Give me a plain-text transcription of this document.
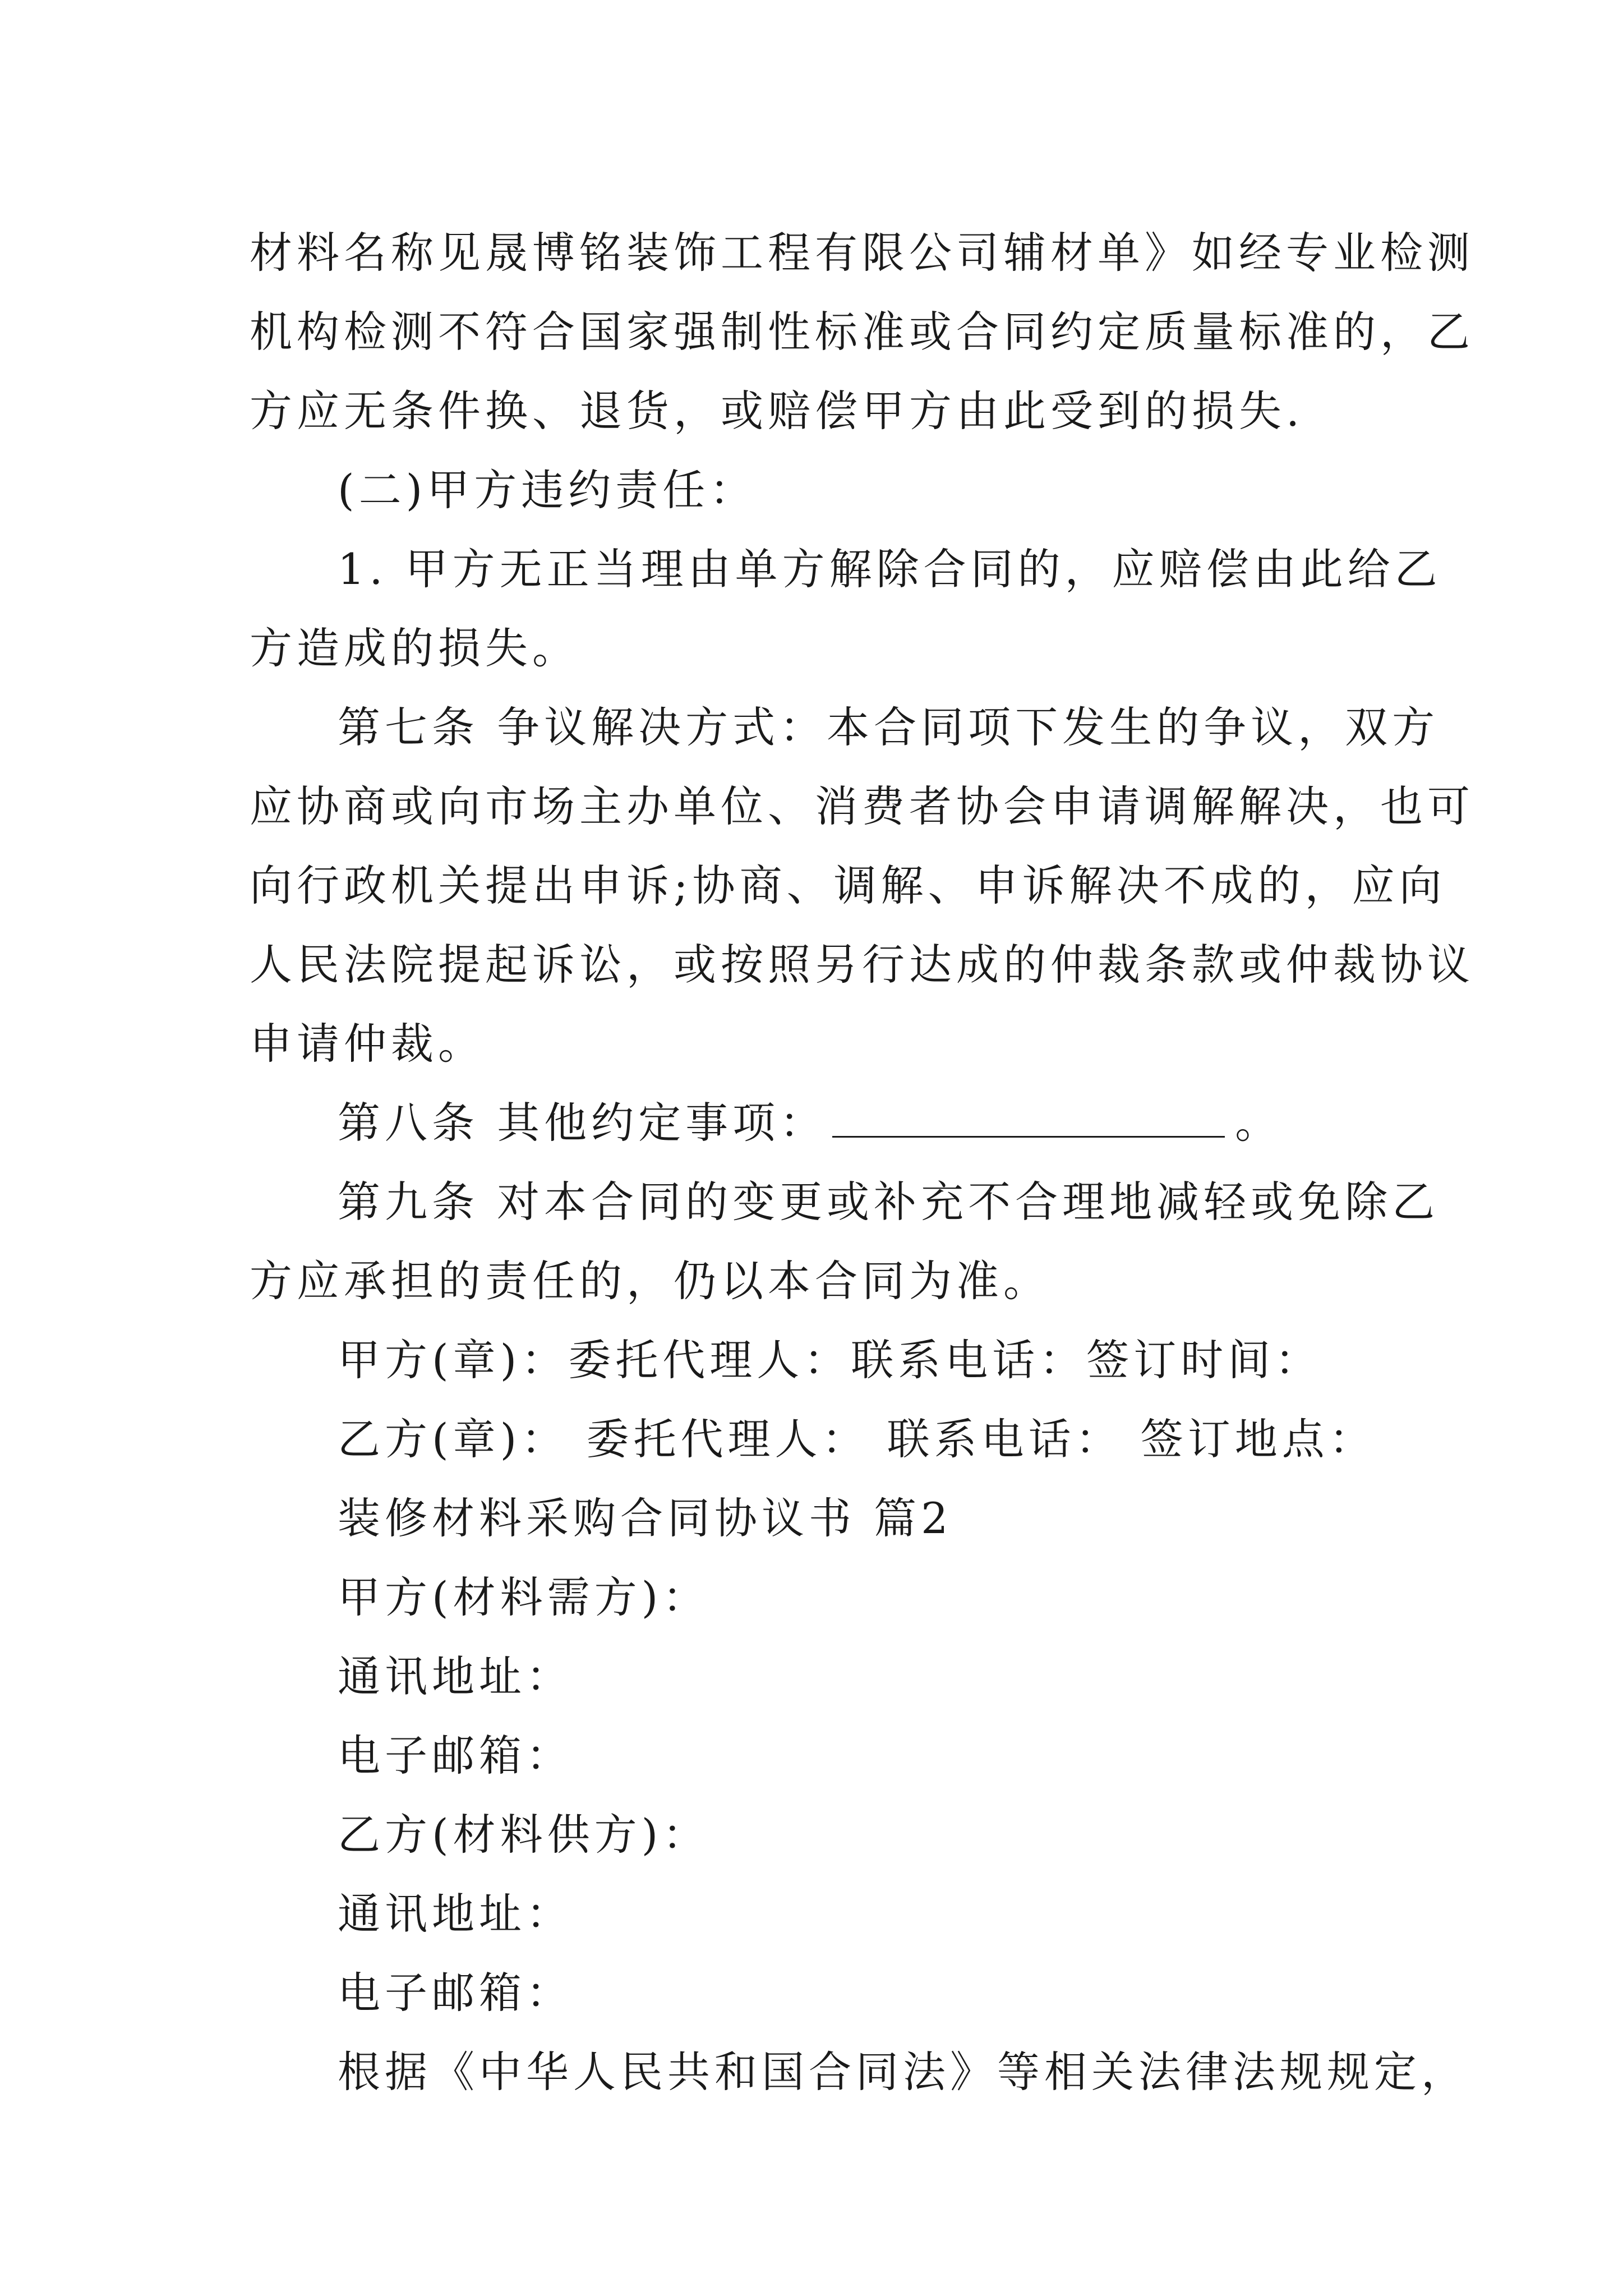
材料名称见晟博铭装饰工程有限公司辅材单》如经专业检测
机构检测不符合国家强制性标准或合同约定质量标准的，乙
方应无条件换、退货，或赔偿甲方由此受到的损失.
(二)甲方违约责任：
1. 甲方无正当理由单方解除合同的，应赔偿由此给乙
方造成的损失。
第七条 争议解决方式：本合同项下发生的争议，双方
应协商或向市场主办单位、消费者协会申请调解解决，也可
向行政机关提出申诉;协商、调解、申诉解决不成的，应向
人民法院提起诉讼，或按照另行达成的仲裁条款或仲裁协议
申请仲裁。
第八条 其他约定事项：	。
第九条 对本合同的变更或补充不合理地减轻或免除乙
方应承担的责任的，仍以本合同为准。
甲方(章)：委托代理人：联系电话：签订时间：
乙方(章)： 委托代理人： 联系电话： 签订地点：
装修材料采购合同协议书 篇2
甲方(材料需方)：
通讯地址：
电子邮箱：
乙方(材料供方)：
通讯地址：
电子邮箱：
根据《中华人民共和国合同法》等相关法律法规规定，
